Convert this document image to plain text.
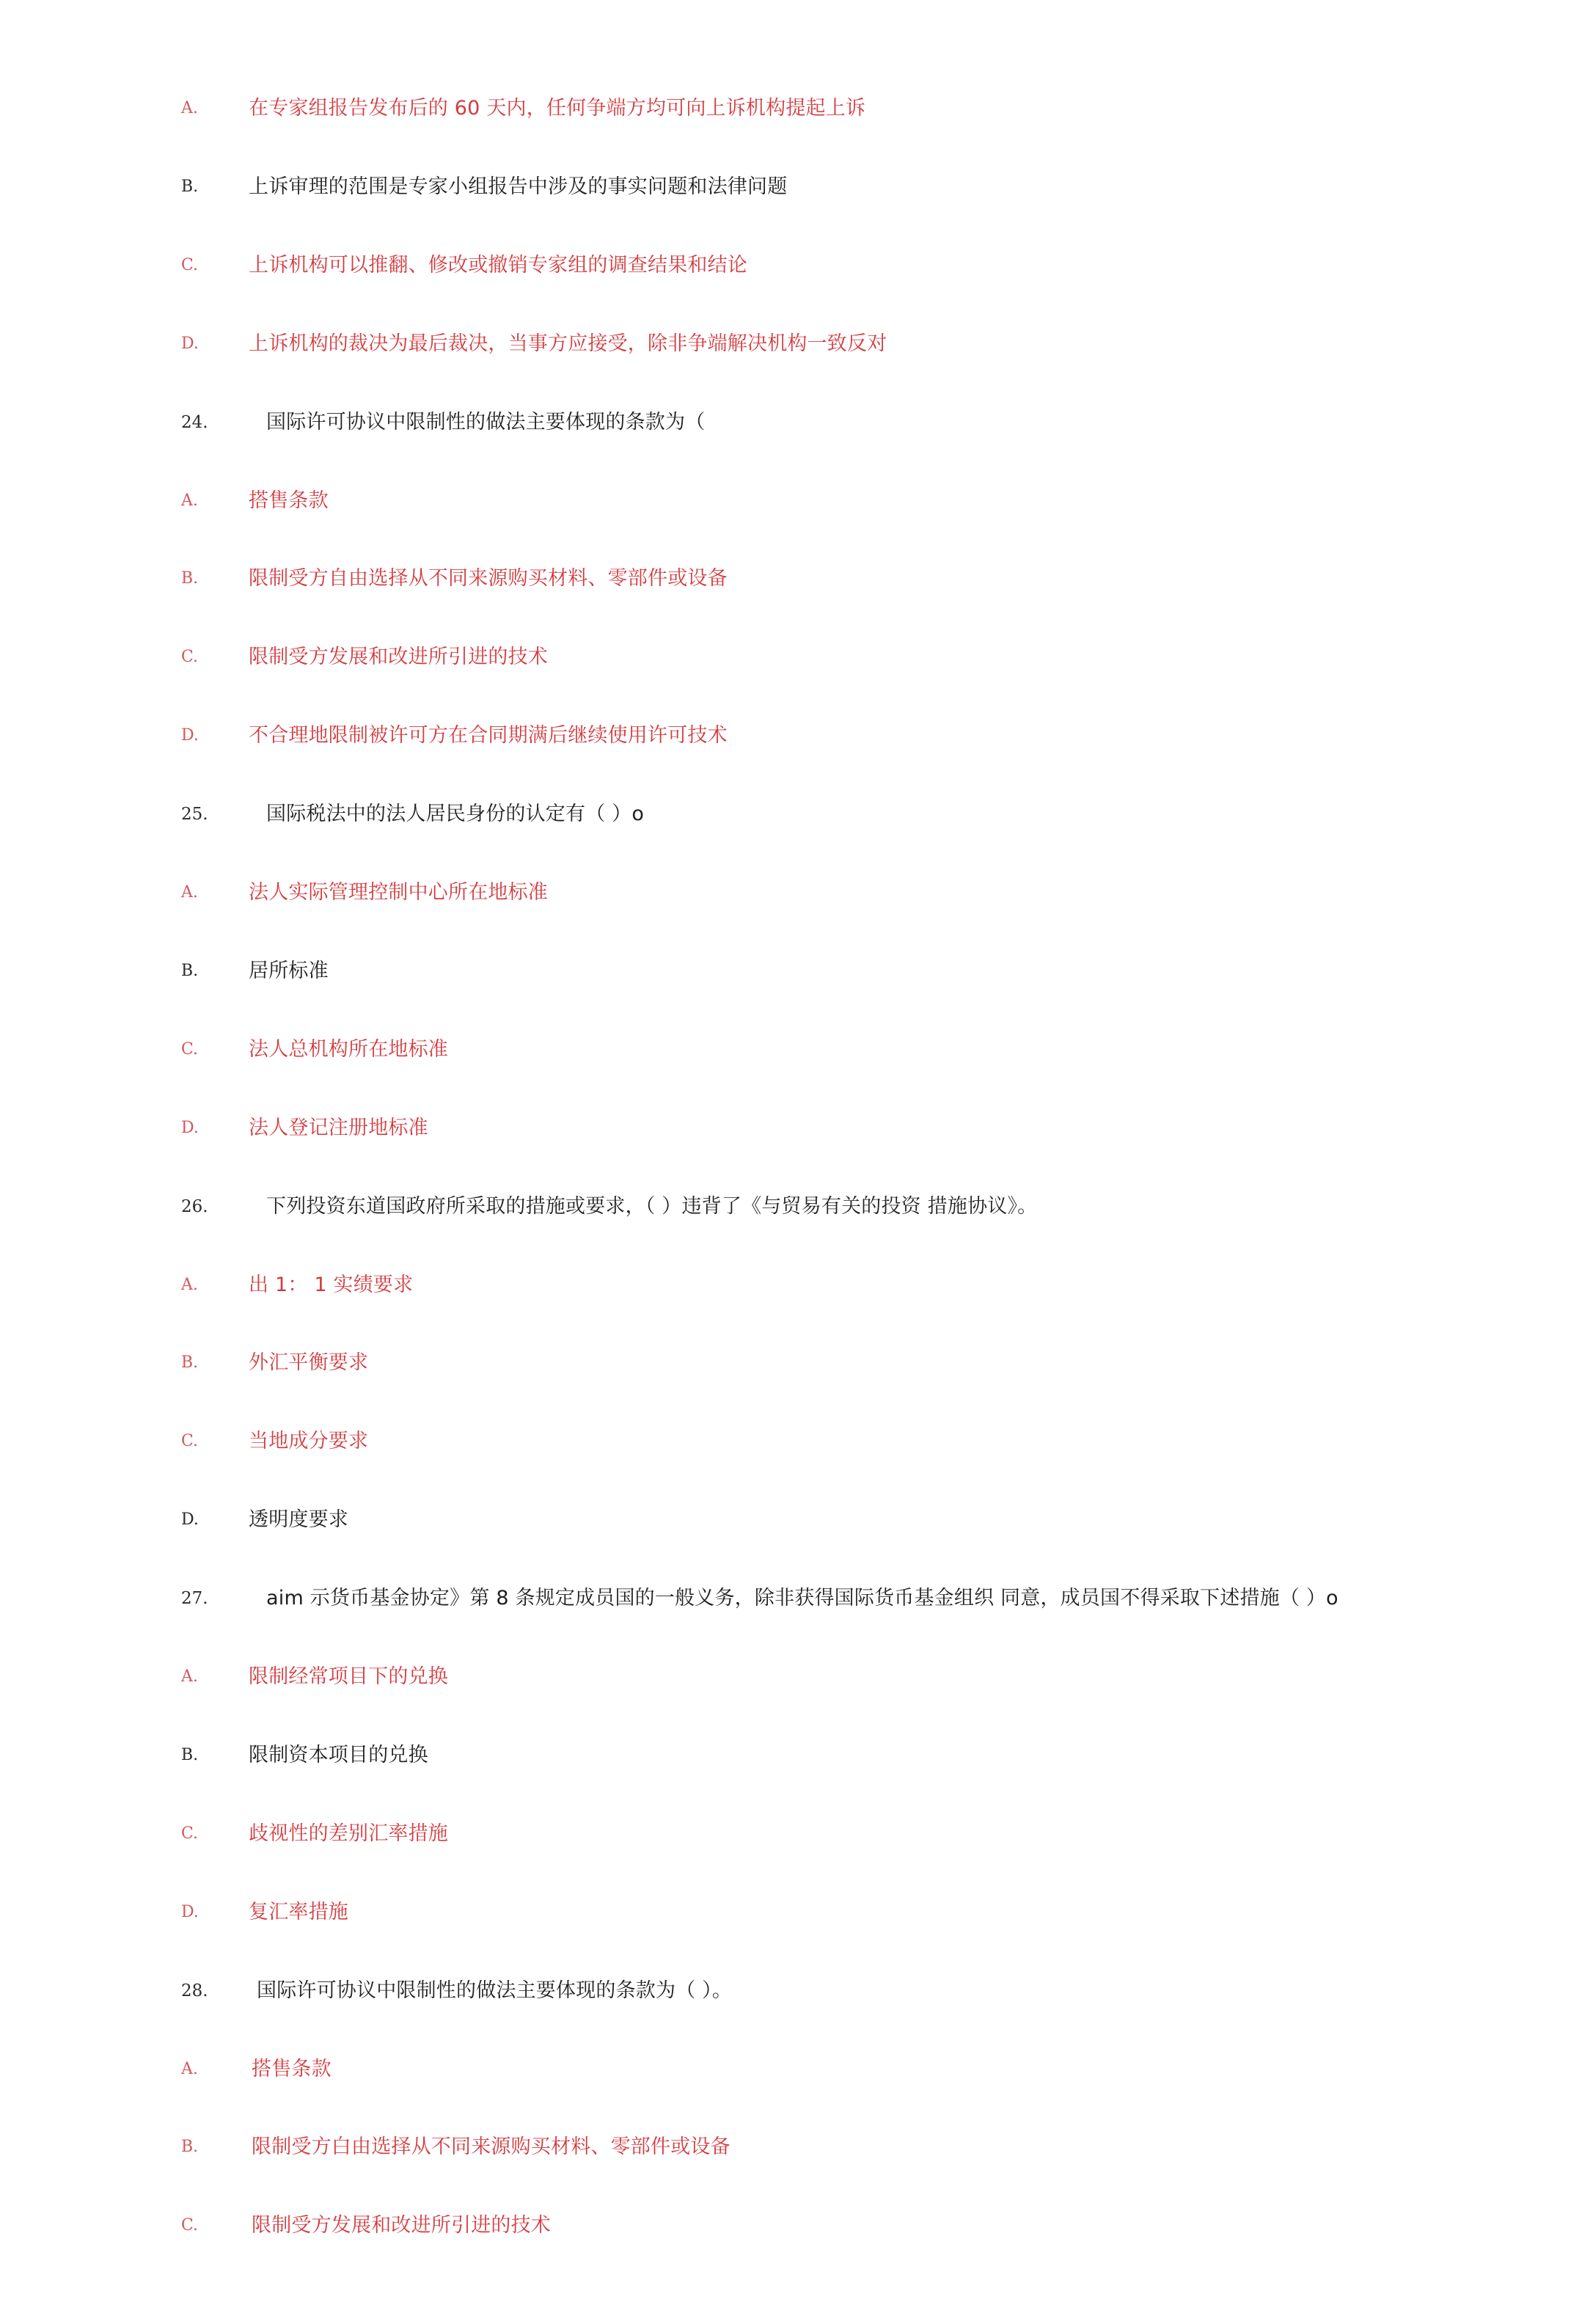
A.	在专家组报告发布后的 60 天内，任何争端方均可向上诉机构提起上诉
B.	上诉审理的范围是专家小组报告中涉及的事实问题和法律问题
C.	上诉机构可以推翻、修改或撤销专家组的调查结果和结论
D.	上诉机构的裁决为最后裁决，当事方应接受，除非争端解决机构一致反对
24.	国际许可协议中限制性的做法主要体现的条款为（
A.	搭售条款
B.	限制受方自由选择从不同来源购买材料、零部件或设备
C.	限制受方发展和改进所引进的技术
D.	不合理地限制被许可方在合同期满后继续使用许可技术
25.	国际税法中的法人居民身份的认定有（ ）o
A.	法人实际管理控制中心所在地标准
B.	居所标准
C.	法人总机构所在地标准
D.	法人登记注册地标准
26.	下列投资东道国政府所采取的措施或要求，（ ）违背了《与贸易有关的投资 措施协议》。
A.	出 1： 1 实绩要求
B.	外汇平衡要求
C.	当地成分要求
D.	透明度要求
27.	aim 示货币基金协定》第 8 条规定成员国的一般义务，除非获得国际货币基金组织 同意，成员国不得采取下述措施（ ）o
A.	限制经常项目下的兑换
B.	限制资本项目的兑换
C.	歧视性的差别汇率措施
D.	复汇率措施
28. 国际许可协议中限制性的做法主要体现的条款为（ ）。
A.	搭售条款
B.	限制受方白由选择从不同来源购买材料、零部件或设备
C.	限制受方发展和改进所引进的技术
